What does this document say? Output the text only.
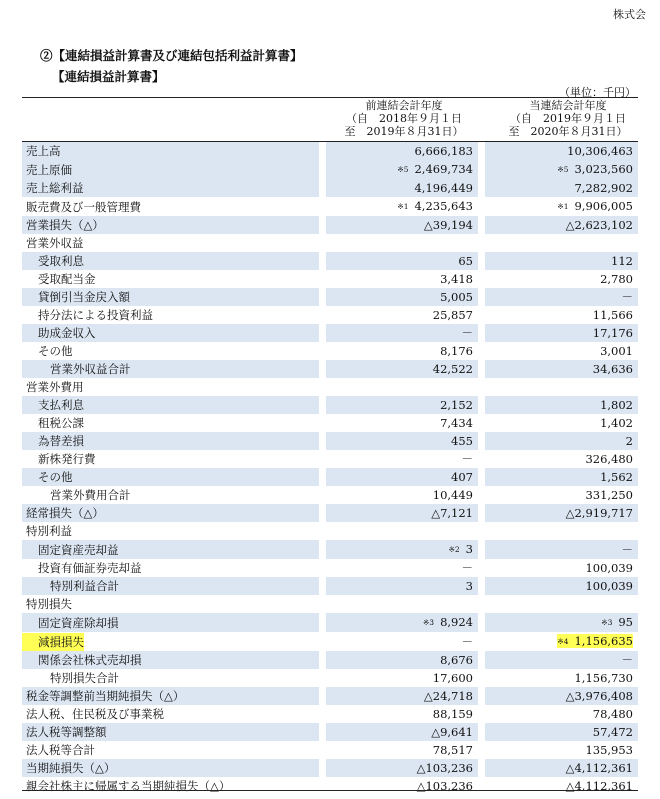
株式会
②【連結損益計算書及び連結包括利益計算書】
【連結損益計算書】
（単位：千円）
前連結会計年度
（自　2018年９月１日
至　2019年８月31日）
当連結会計年度
（自　2019年９月１日
至　2020年８月31日）
売上高		6,666,183		10,306,463
売上原価		※5 2,469,734		※5 3,023,560
売上総利益		4,196,449		7,282,902
販売費及び一般管理費		※1 4,235,643		※1 9,906,005
営業損失（△）		△39,194		△2,623,102
営業外収益				
受取利息		65		112
受取配当金		3,418		2,780
貸倒引当金戻入額		5,005		－
持分法による投資利益		25,857		11,566
助成金収入		－		17,176
その他		8,176		3,001
営業外収益合計		42,522		34,636
営業外費用				
支払利息		2,152		1,802
租税公課		7,434		1,402
為替差損		455		2
新株発行費		－		326,480
その他		407		1,562
営業外費用合計		10,449		331,250
経常損失（△）		△7,121		△2,919,717
特別利益				
固定資産売却益		※2 3		－
投資有価証券売却益		－		100,039
特別利益合計		3		100,039
特別損失				
固定資産除却損		※3 8,924		※3 95
減損損失		－		※4 1,156,635
関係会社株式売却損		8,676		－
特別損失合計		17,600		1,156,730
税金等調整前当期純損失（△）		△24,718		△3,976,408
法人税、住民税及び事業税		88,159		78,480
法人税等調整額		△9,641		57,472
法人税等合計		78,517		135,953
当期純損失（△）		△103,236		△4,112,361
親会社株主に帰属する当期純損失（△）		△103,236		△4,112,361
